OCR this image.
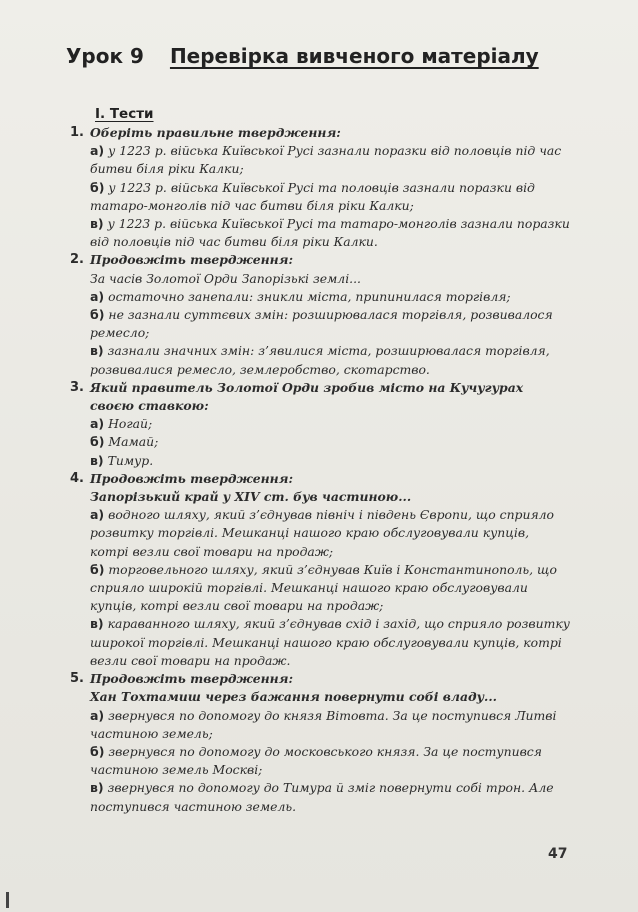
Урок 9 Перевірка вивченого матеріалу
І. Тести
1. Оберіть правильне твердження:
а) у 1223 р. війська Київської Русі зазнали поразки від половців під час битви біля ріки Калки;
б) у 1223 р. війська Київської Русі та половців зазнали поразки від татаро-монголів під час битви біля ріки Калки;
в) у 1223 р. війська Київської Русі та татаро-монголів зазнали поразки від половців під час битви біля ріки Калки.
2. Продовжіть твердження:
За часів Золотої Орди Запорізькі землі...
а) остаточно занепали: зникли міста, припинилася торгівля;
б) не зазнали суттєвих змін: розширювалася торгівля, розвивалося ремесло;
в) зазнали значних змін: з’явилися міста, розширювалася торгівля, розвивалися ремесло, землеробство, скотарство.
3. Який правитель Золотої Орди зробив місто на Кучугурах своєю ставкою:
а) Ногай;
б) Мамай;
в) Тимур.
4. Продовжіть твердження:
Запорізький край у XIV ст. був частиною...
а) водного шляху, який з’єднував північ і південь Європи, що сприяло розвитку торгівлі. Мешканці нашого краю обслуговували купців, котрі везли свої товари на продаж;
б) торговельного шляху, який з’єднував Київ і Константинополь, що сприяло широкій торгівлі. Мешканці нашого краю обслуговували купців, котрі везли свої товари на продаж;
в) караванного шляху, який з’єднував схід і захід, що сприяло розвитку широкої торгівлі. Мешканці нашого краю обслуговували купців, котрі везли свої товари на продаж.
5. Продовжіть твердження:
Хан Тохтамиш через бажання повернути собі владу...
а) звернувся по допомогу до князя Вітовта. За це поступився Литві частиною земель;
б) звернувся по допомогу до московського князя. За це поступився частиною земель Москві;
в) звернувся по допомогу до Тимура й зміг повернути собі трон. Але поступився частиною земель.
47
